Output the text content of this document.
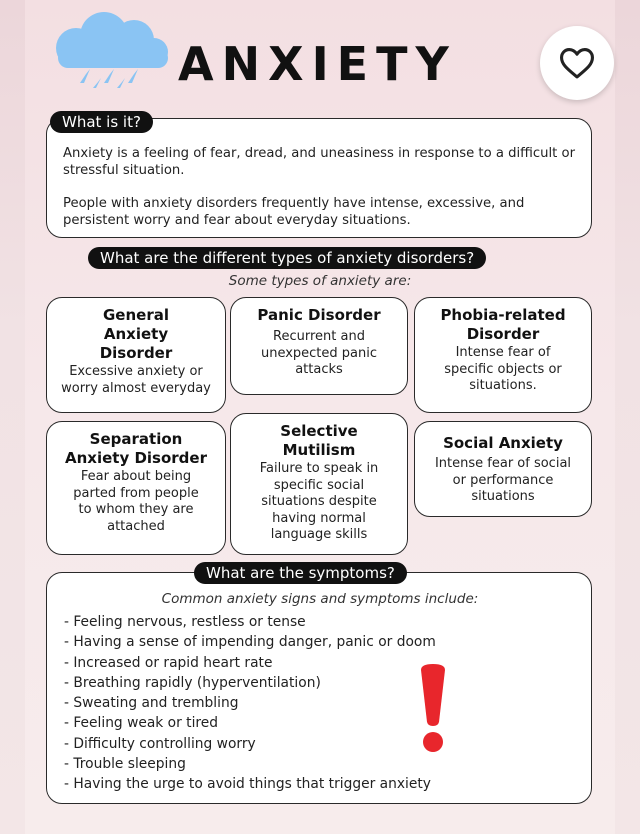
ANXIETY
Anxiety is a feeling of fear, dread, and uneasiness in response to a difficult or stressful situation.
People with anxiety disorders frequently have intense, excessive, and persistent worry and fear about everyday situations.
What is it?
What are the different types of anxiety disorders?
Some types of anxiety are:
General Anxiety Disorder
Excessive anxiety or worry almost everyday
Panic Disorder
Recurrent and unexpected panic attacks
Phobia-related Disorder
Intense fear of specific objects or situations.
Separation Anxiety Disorder
Fear about being parted from people to whom they are attached
Selective Mutilism
Failure to speak in specific social situations despite having normal language skills
Social Anxiety
Intense fear of social or performance situations
What are the symptoms?
Common anxiety signs and symptoms include:
- Feeling nervous, restless or tense
- Having a sense of impending danger, panic or doom
- Increased or rapid heart rate
- Breathing rapidly (hyperventilation)
- Sweating and trembling
- Feeling weak or tired
- Difficulty controlling worry
- Trouble sleeping
- Having the urge to avoid things that trigger anxiety
